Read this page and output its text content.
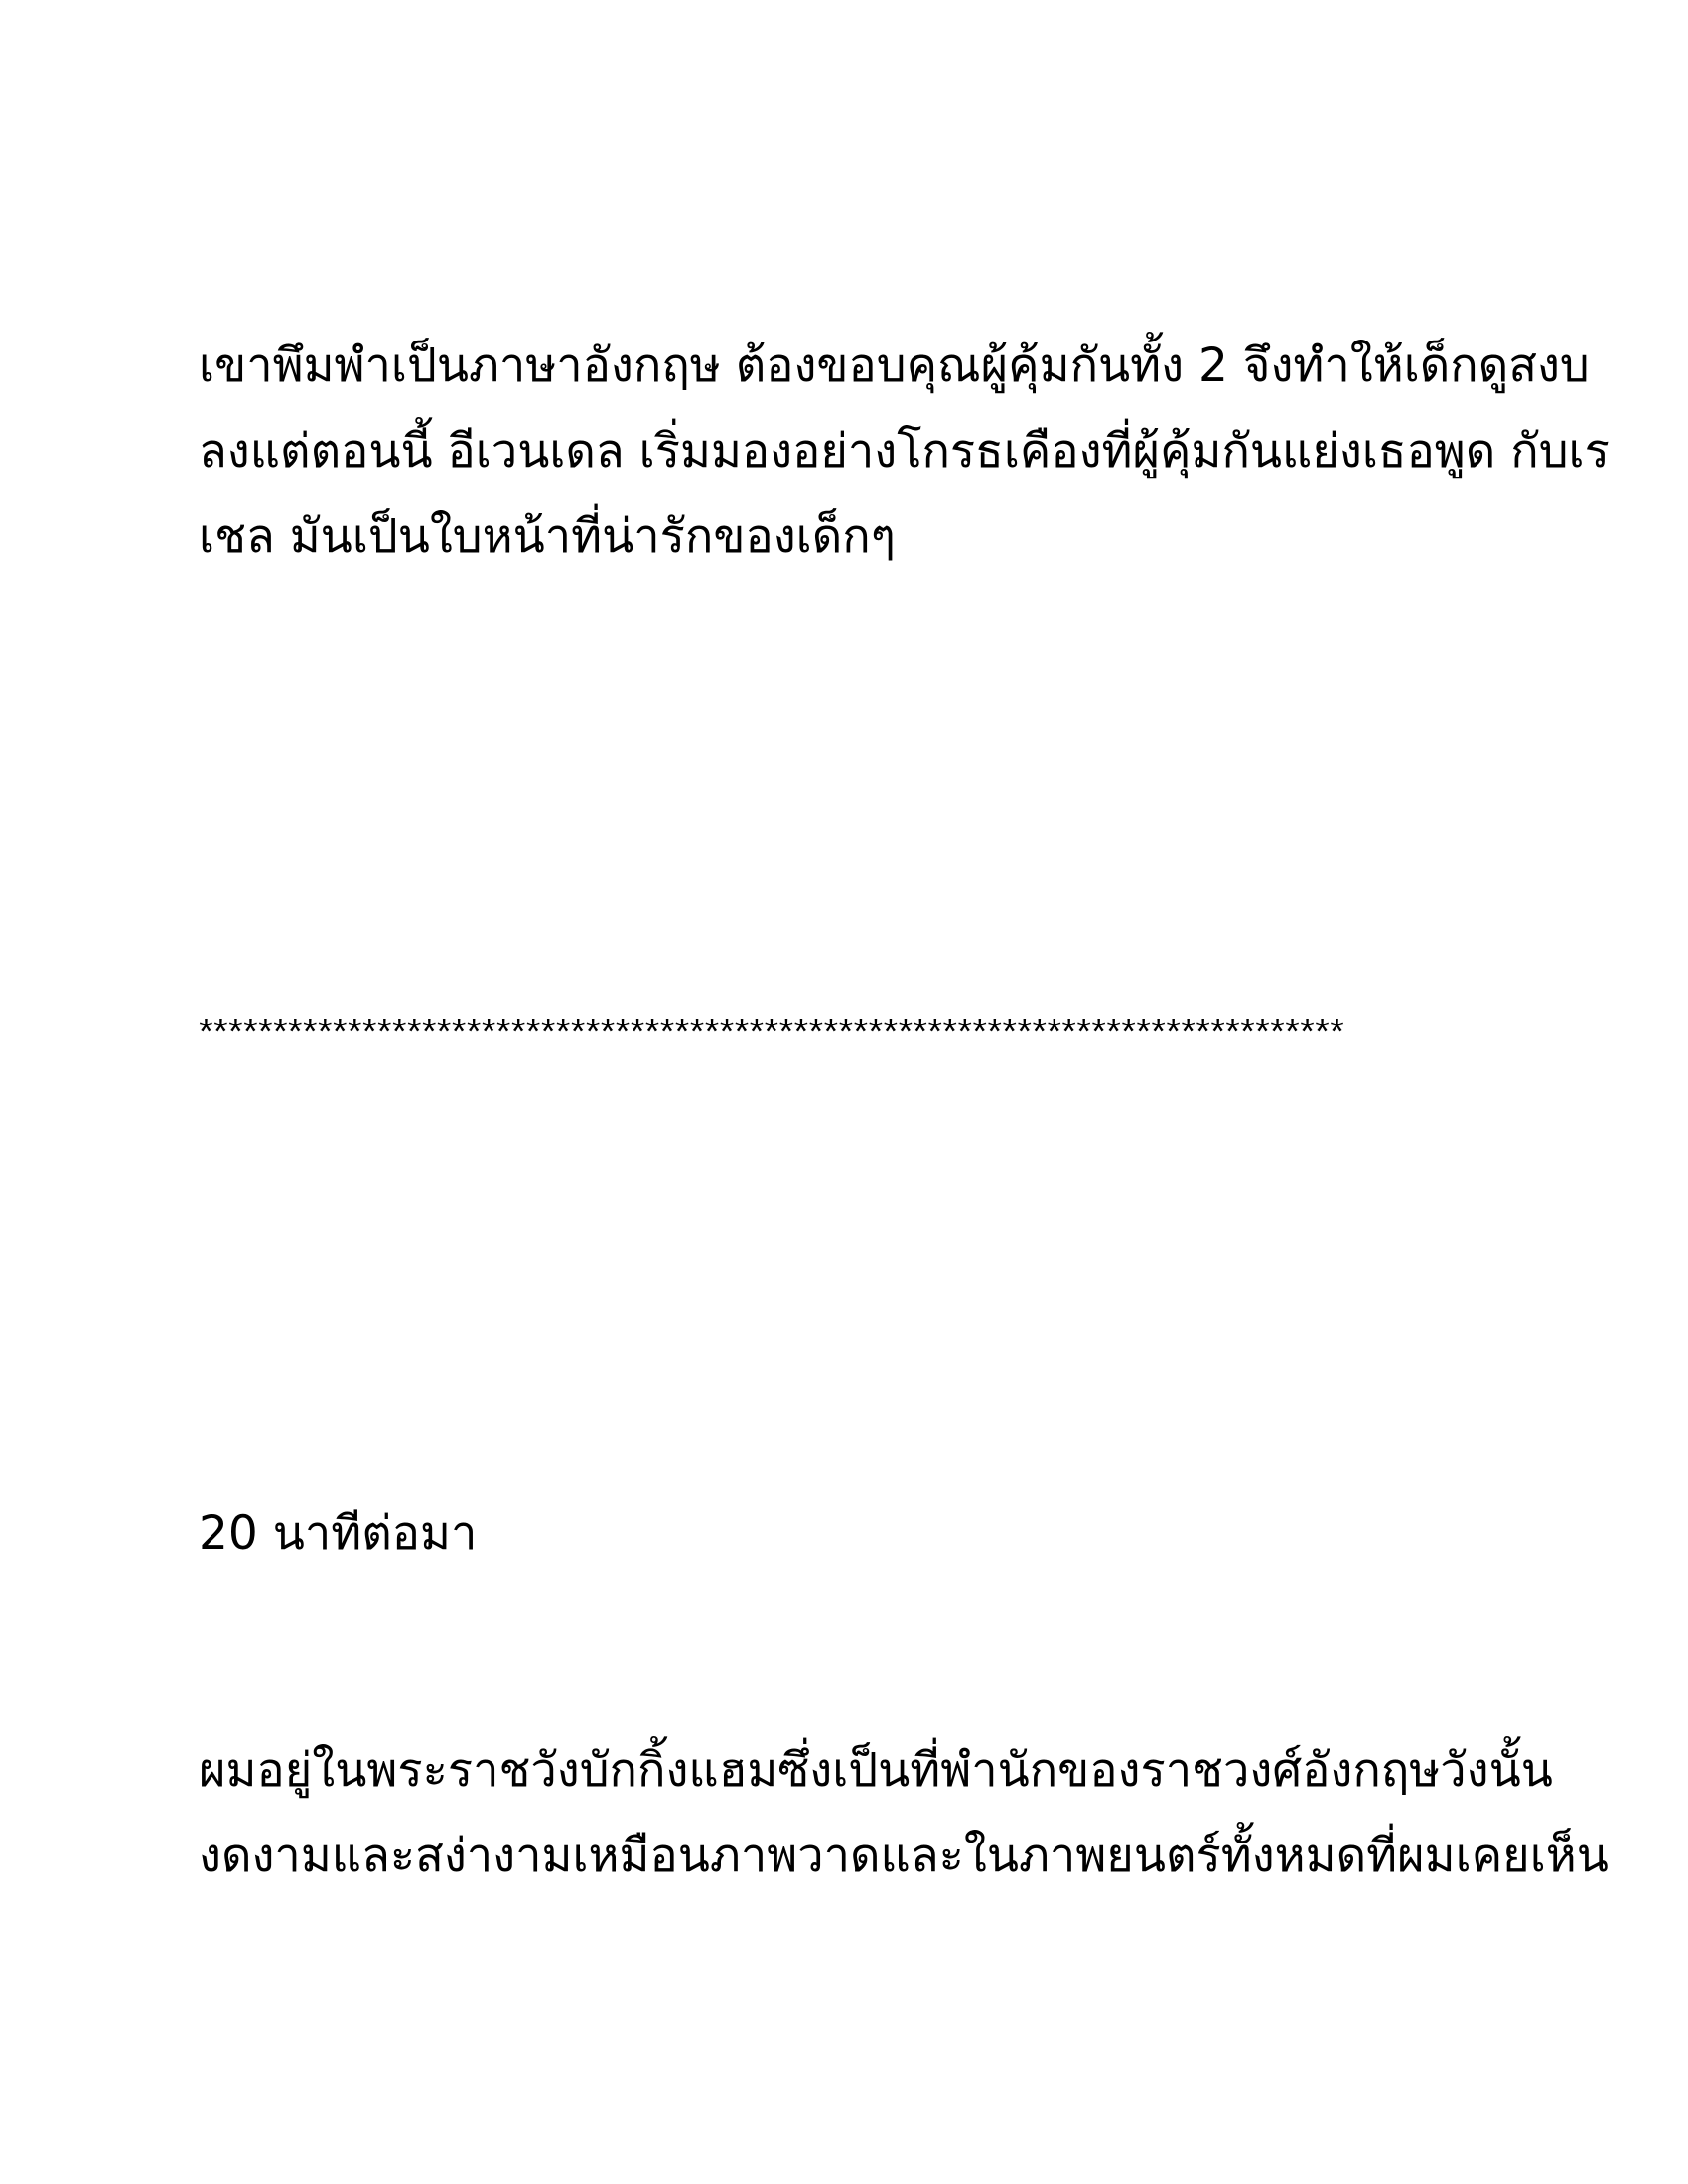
เขาพึมพำเป็นภาษาอังกฤษ ต้องขอบคุณผู้คุ้มกันทั้ง 2 จึงทำให้เด็กดูสงบ
ลงแต่ตอนนี้ อีเวนเดล เริ่มมองอย่างโกรธเคืองที่ผู้คุ้มกันแย่งเธอพูด กับเร
เชล มันเป็นใบหน้าที่น่ารักของเด็กๆ
*****************************************************************************
20 นาทีต่อมา
ผมอยู่ในพระราชวังบักกิ้งแฮมซึ่งเป็นที่พำนักของราชวงศ์อังกฤษวังนั้น
งดงามและสง่างามเหมือนภาพวาดและในภาพยนตร์ทั้งหมดที่ผมเคยเห็น
